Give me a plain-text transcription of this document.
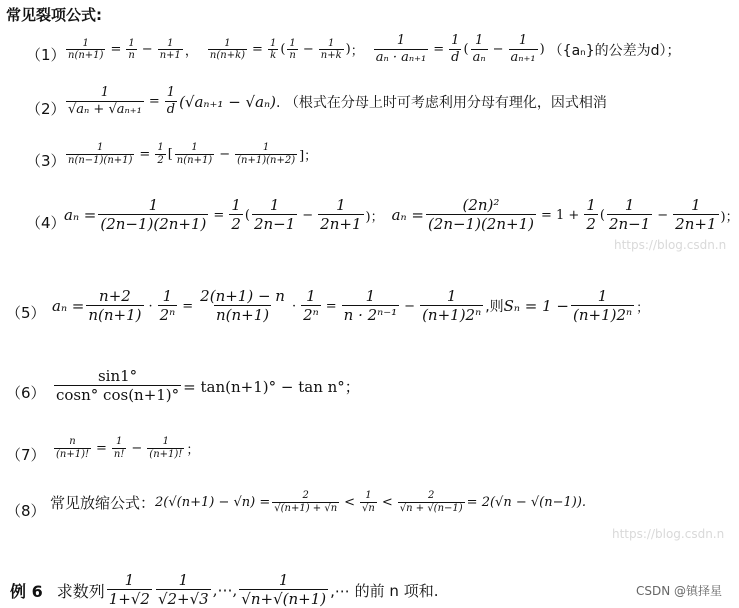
常见裂项公式:
$(1) \frac{1}{n(n+1)} = \frac{1}{n} - \frac{1}{n+1}$ ， $\frac{1}{n(n+k)} = \frac{1}{k}$ ( $\frac{1}{n} - \frac{1}{n+k}$ ) ； $\frac{1}{\text{aₙ · aₙ₊₁}} = \frac{1}{d}$ ( $\frac{1}{\text{aₙ}} - \frac{1}{\text{aₙ₊₁}}$ ) （{aₙ}的公差为d）；
$(2) \frac{1}{\text{√aₙ + √aₙ₊₁}} = \frac{1}{d} (√a_{n+1} - √a_n)$ . （根式在分母上时可考虑利用分母有理化，因式相消
$(3) \frac{1}{n(n-1)(n+1)} = \frac{1}{2}$ [ $\frac{1}{n(n+1)} - \frac{1}{(n+1)(n+2)}$ ]；
（4）
$a_n = \frac{1}{(2n-1)(2n+1)} = \frac{1}{2}$ ( $\frac{1}{2n-1} - \frac{1}{2n+1}$ )； $a_n = \frac{\text{(2n)²}}{(2n-1)(2n+1)} = 1 + \frac{1}{2}$ ( $\frac{1}{2n-1} - \frac{1}{2n+1}$ )；
https://blog.csdn.n
（5） $a_n = \frac{n+2}{n(n+1)} \cdot \frac{1}{\text{2ⁿ}} = \frac{2(n+1) - n}{n(n+1)} \cdot \frac{1}{\text{2ⁿ}} = \frac{1}{\text{n · 2ⁿ⁻¹}} - \frac{1}{\text{(n+1)2ⁿ}}$ ,则 $S_n = 1 - \frac{1}{\text{(n+1)2ⁿ}}$ ；
$(6) \frac{\sin 1^\circ}{\cos n^\circ \cos(n+1)^\circ} = \tan(n+1)^\circ - \tan n^\circ$；
$(7) \frac{n}{(n+1)!} = \frac{1}{n!} - \frac{1}{(n+1)!}$ ；
（8） 常见放缩公式： $2(√(n+1) - √n) = \frac{2}{√(n+1) + √n} < \frac{1}{√n} < \frac{2}{√n + √(n-1)} = 2(√n - √(n-1))$.
https://blog.csdn.n
例 6 求数列 $\frac{1}{1+√2} \frac{1}{√2+√3}$ ,⋯, $\frac{1}{√n+√(n+1)}$ ,⋯ 的前 n 项和.	CSDN @镇择星
